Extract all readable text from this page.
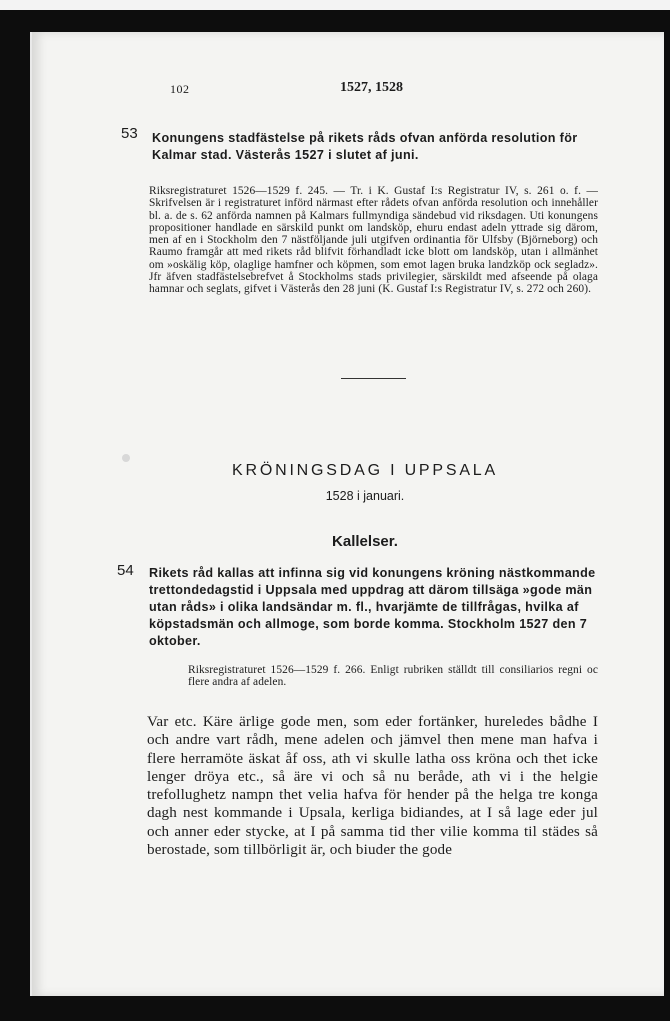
102	1527, 1528
53 Konungens stadfästelse på rikets råds ofvan anförda resolution för Kalmar stad. Västerås 1527 i slutet af juni.
Riksregistraturet 1526—1529 f. 245. — Tr. i K. Gustaf I:s Registratur IV, s. 261 o. f. — Skrifvelsen är i registraturet införd närmast efter rådets ofvan anförda resolution och innehåller bl. a. de s. 62 anförda namnen på Kalmars fullmyndiga sändebud vid riksdagen. Uti konungens propositioner handlade en särskild punkt om landsköp, ehuru endast adeln yttrade sig därom, men af en i Stockholm den 7 nästföljande juli utgifven ordinantia för Ulfsby (Björneborg) och Raumo framgår att med rikets råd blifvit förhandladt icke blott om landsköp, utan i allmänhet om »oskälig köp, olaglige hamfner och köpmen, som emot lagen bruka landzköp ock segladz». Jfr äfven stadfästelsebrefvet å Stockholms stads privilegier, särskildt med afseende på olaga hamnar och seglats, gifvet i Västerås den 28 juni (K. Gustaf I:s Registratur IV, s. 272 och 260).
KRÖNINGSDAG I UPPSALA
1528 i januari.
Kallelser.
54 Rikets råd kallas att infinna sig vid konungens kröning nästkommande trettondedagstid i Uppsala med uppdrag att därom tillsäga »gode män utan råds» i olika landsändar m. fl., hvarjämte de tillfrågas, hvilka af köpstadsmän och allmoge, som borde komma. Stockholm 1527 den 7 oktober.
Riksregistraturet 1526—1529 f. 266. Enligt rubriken ställdt till consiliarios regni oc flere andra af adelen.
Var etc. Käre ärlige gode men, som eder fortänker, hureledes bådhe I och andre vart rådh, mene adelen och jämvel then mene man hafva i flere herramöte äskat åf oss, ath vi skulle latha oss kröna och thet icke lenger dröya etc., så äre vi och så nu beråde, ath vi i the helgie trefollughetz nampn thet velia hafva för hender på the helga tre konga dagh nest kommande i Upsala, kerliga bidiandes, at I så lage eder jul och anner eder stycke, at I på samma tid ther vilie komma til städes så berostade, som tillbörligit är, och biuder the gode
